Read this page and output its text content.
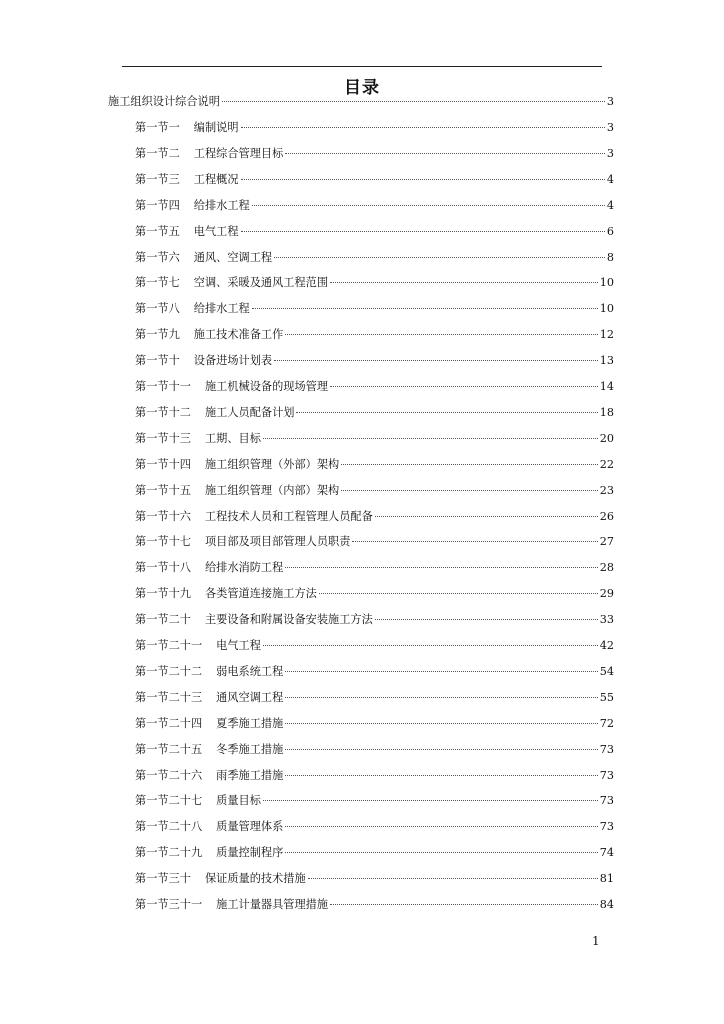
目录
施工组织设计综合说明	3
第一节一 编制说明	3
第一节二 工程综合管理目标	3
第一节三 工程概况	4
第一节四 给排水工程	4
第一节五 电气工程	6
第一节六 通风、空调工程	8
第一节七 空调、采暖及通风工程范围	10
第一节八 给排水工程	10
第一节九 施工技术准备工作	12
第一节十 设备进场计划表	13
第一节十一 施工机械设备的现场管理	14
第一节十二 施工人员配备计划	18
第一节十三 工期、目标	20
第一节十四 施工组织管理（外部）架构	22
第一节十五 施工组织管理（内部）架构	23
第一节十六 工程技术人员和工程管理人员配备	26
第一节十七 项目部及项目部管理人员职责	27
第一节十八 给排水消防工程	28
第一节十九 各类管道连接施工方法	29
第一节二十 主要设备和附属设备安装施工方法	33
第一节二十一 电气工程	42
第一节二十二 弱电系统工程	54
第一节二十三 通风空调工程	55
第一节二十四 夏季施工措施	72
第一节二十五 冬季施工措施	73
第一节二十六 雨季施工措施	73
第一节二十七 质量目标	73
第一节二十八 质量管理体系	73
第一节二十九 质量控制程序	74
第一节三十 保证质量的技术措施	81
第一节三十一 施工计量器具管理措施	84
1
